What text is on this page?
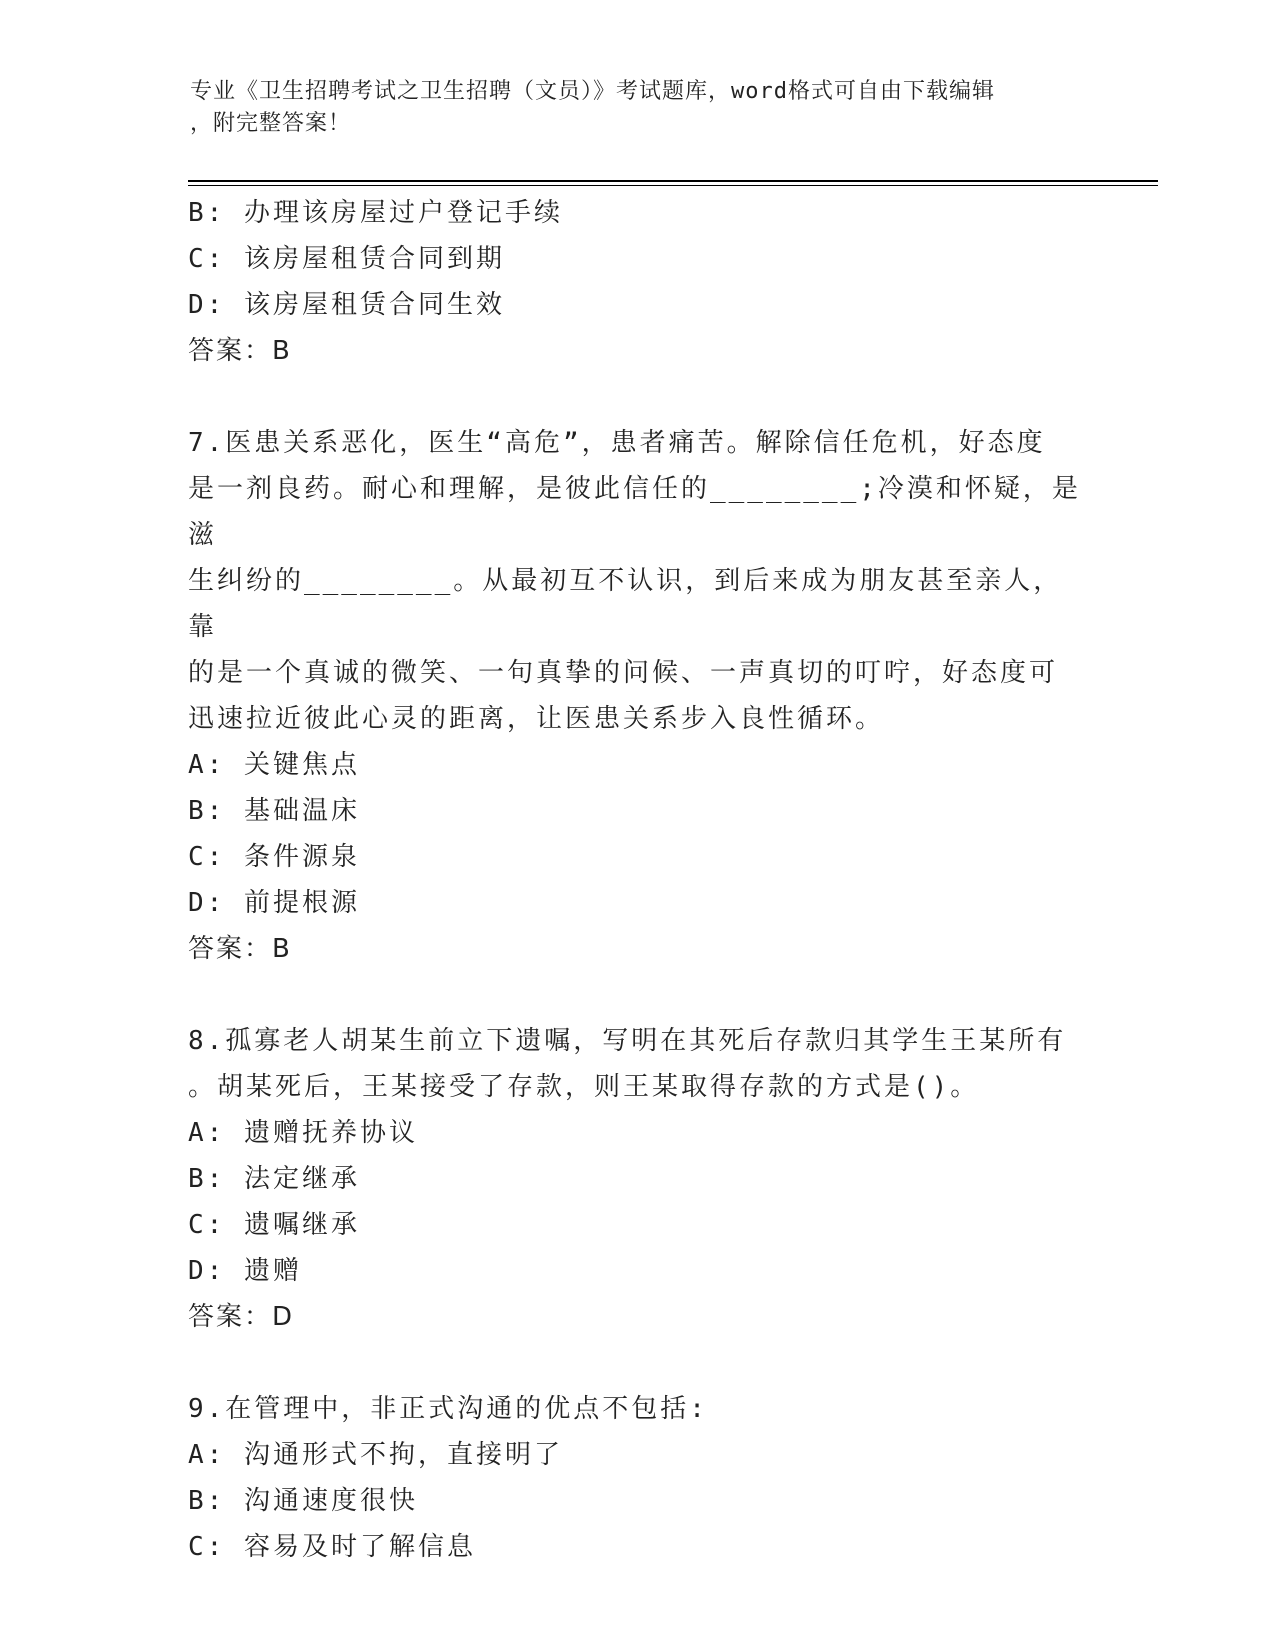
专业《卫生招聘考试之卫生招聘（文员）》考试题库，word格式可自由下载编辑
，附完整答案！
B: 办理该房屋过户登记手续
C: 该房屋租赁合同到期
D: 该房屋租赁合同生效
答案：B
7.医患关系恶化，医生“高危”，患者痛苦。解除信任危机，好态度
是一剂良药。耐心和理解，是彼此信任的________;冷漠和怀疑，是滋
生纠纷的________。从最初互不认识，到后来成为朋友甚至亲人，靠
的是一个真诚的微笑、一句真挚的问候、一声真切的叮咛，好态度可
迅速拉近彼此心灵的距离，让医患关系步入良性循环。
A: 关键焦点
B: 基础温床
C: 条件源泉
D: 前提根源
答案：B
8.孤寡老人胡某生前立下遗嘱，写明在其死后存款归其学生王某所有
。胡某死后，王某接受了存款，则王某取得存款的方式是()。
A: 遗赠抚养协议
B: 法定继承
C: 遗嘱继承
D: 遗赠
答案：D
9.在管理中，非正式沟通的优点不包括:
A: 沟通形式不拘，直接明了
B: 沟通速度很快
C: 容易及时了解信息
